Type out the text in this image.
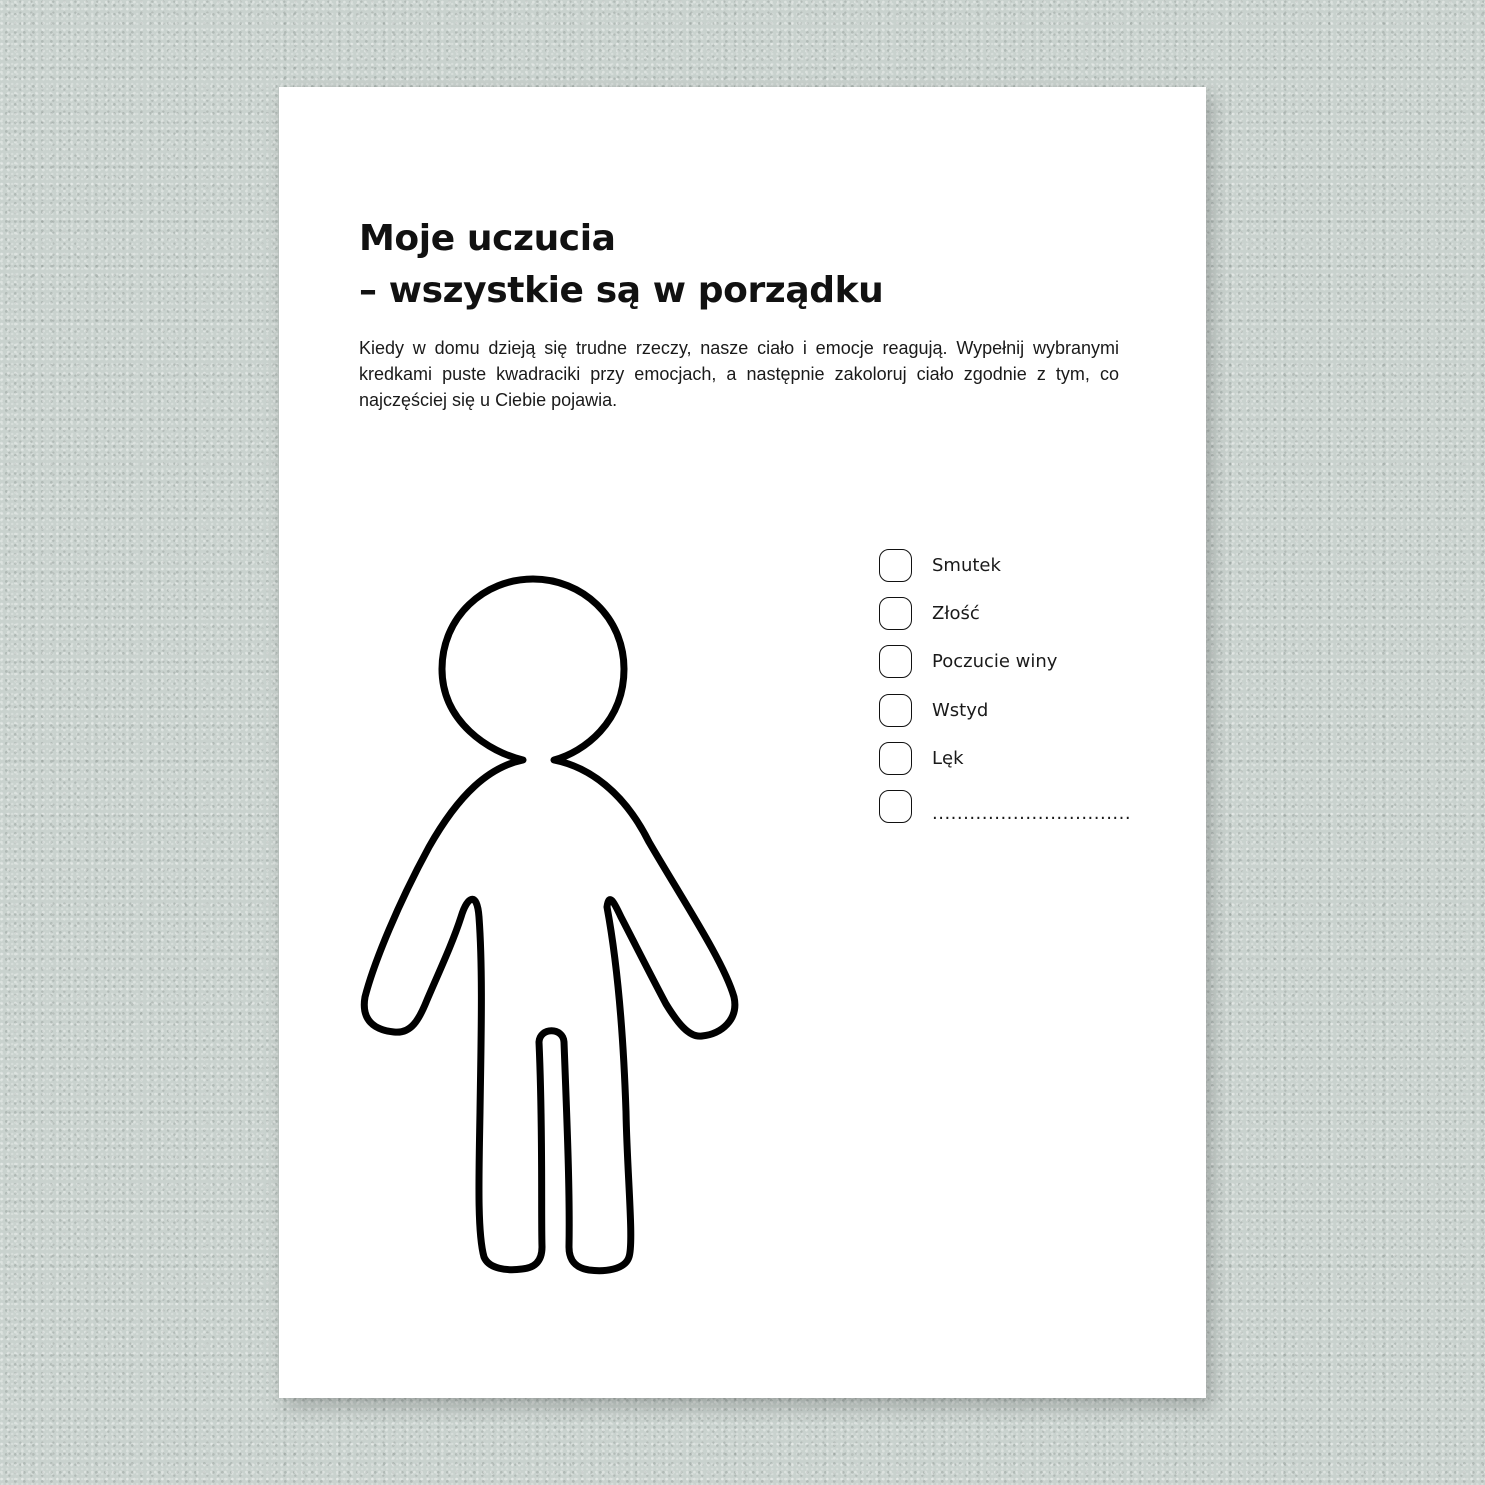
Moje uczucia
– wszystkie są w porządku

Kiedy w domu dzieją się trudne rzeczy, nasze ciało i emocje reagują. Wypełnij wybranymi kredkami puste kwadraciki przy emocjach, a następnie zakoloruj ciało zgodnie z tym, co najczęściej się u Ciebie pojawia.

Smutek
Złość
Poczucie winy
Wstyd
Lęk
................................
